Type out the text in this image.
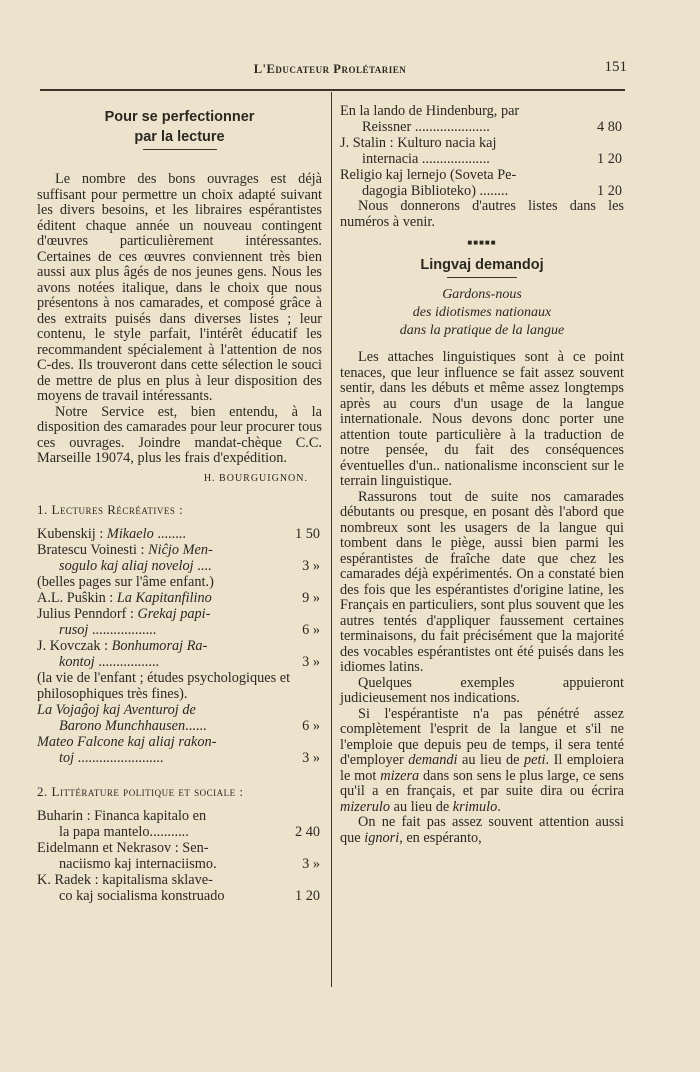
L'Educateur Prolétarien	151
Pour se perfectionner
par la lecture

Le nombre des bons ouvrages est déjà suffisant pour permettre un choix adapté suivant les divers besoins, et les libraires espérantistes éditent chaque année un nouveau contingent d'œuvres particulièrement intéressantes. Certaines de ces œuvres conviennent très bien aussi aux plus âgés de nos jeunes gens. Nous les avons notées italique, dans le choix que nous présentons à nos camarades, et composé grâce à des extraits puisés dans diverses listes ; leur contenu, le style parfait, l'intérêt éducatif les recommandent spécialement à l'attention de nos C-des. Ils trouveront dans cette sélection le souci de mettre de plus en plus à leur disposition des moyens de travail intéressants.

Notre Service est, bien entendu, à la disposition des camarades pour leur procurer tous ces ouvrages. Joindre mandat-chèque C.C. Marseille 19074, plus les frais d'expédition.

H. BOURGUIGNON.
1. Lectures Récréatives :
Kubenskij : Mikaelo ........	1 50
Bratescu Voinesti : Niĉjo Men-
sogulo kaj aliaj noveloj ....	3 »
(belles pages sur l'âme enfant.)
A.L. Puŝkin : La Kapitanfilino	9 »
Julius Penndorf : Grekaj papi-
rusoj ..................	6 »
J. Kovczak : Bonhumoraj Ra-
kontoj .................	3 »
(la vie de l'enfant ; études psychologiques et philosophiques très fines).
La Vojaĝoj kaj Aventuroj de
Barono Munchhausen......	6 »
Mateo Falcone kaj aliaj rakon-
toj ........................	3 »
2. Littérature politique et sociale :
Buharin : Financa kapitalo en
la papa mantelo...........	2 40
Eidelmann et Nekrasov : Sen-
naciismo kaj internaciismo.	3 »
K. Radek : kapitalisma sklave-
co kaj socialisma konstruado	1 20
En la lando de Hindenburg, par
Reissner .....................	4 80
J. Stalin : Kulturo nacia kaj
internacia ...................	1 20
Religio kaj lernejo (Soveta Pe-
dagogia Biblioteko) ........	1 20

Nous donnerons d'autres listes dans les numéros à venir.

■■■■■
Lingvaj demandoj
Gardons-nous
des idiotismes nationaux
dans la pratique de la langue

Les attaches linguistiques sont à ce point tenaces, que leur influence se fait assez souvent sentir, dans les débuts et même assez longtemps après au cours d'un usage de la langue internationale. Nous devons donc porter une attention toute particulière à la traduction de notre pensée, du fait des conséquences éventuelles d'un.. nationalisme inconscient sur le terrain linguistique.

Rassurons tout de suite nos camarades débutants ou presque, en posant dès l'abord que nombreux sont les usagers de la langue qui tombent dans le piège, aussi bien parmi les espérantistes de fraîche date que chez les camarades déjà expérimentés. On a constaté bien des fois que les espérantistes d'origine latine, les Français en particuliers, sont plus souvent que les autres tentés d'appliquer faussement certaines terminaisons, du fait précisément que la majorité des vocables espérantistes ont été puisés dans les idiomes latins.

Quelques exemples appuieront judicieusement nos indications.

Si l'espérantiste n'a pas pénétré assez complètement l'esprit de la langue et s'il ne l'emploie que depuis peu de temps, il sera tenté d'employer demandi au lieu de peti. Il emploiera le mot mizera dans son sens le plus large, ce sens qu'il a en français, et par suite dira ou écrira mizerulo au lieu de krimulo.

On ne fait pas assez souvent attention aussi que ignori, en espéranto,
